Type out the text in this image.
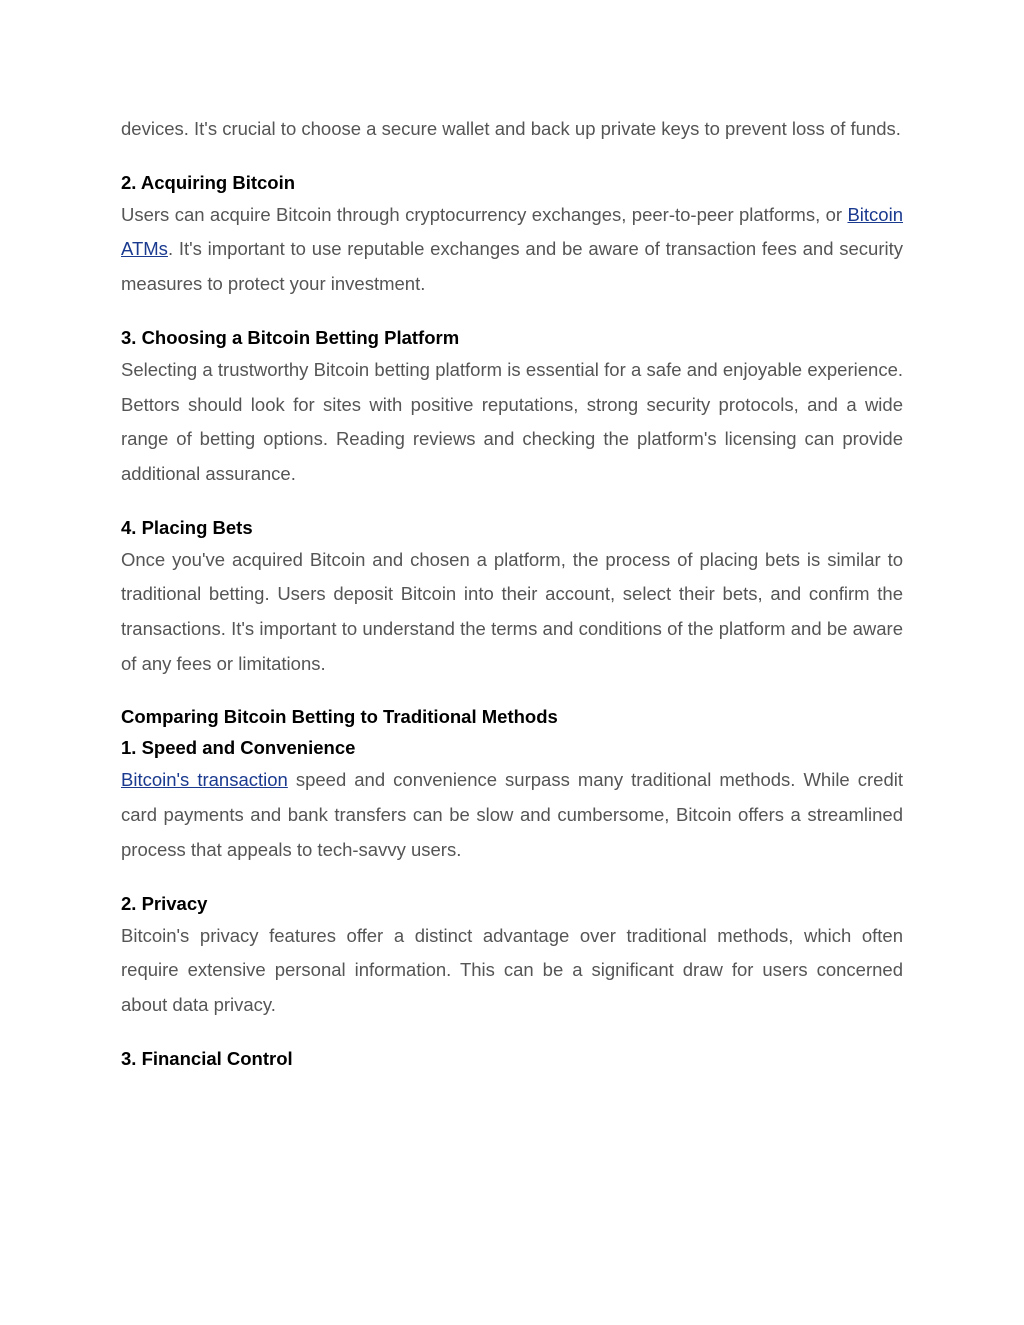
devices. It's crucial to choose a secure wallet and back up private keys to prevent loss of funds.

2. Acquiring Bitcoin

Users can acquire Bitcoin through cryptocurrency exchanges, peer-to-peer platforms, or Bitcoin ATMs. It's important to use reputable exchanges and be aware of transaction fees and security measures to protect your investment.

3. Choosing a Bitcoin Betting Platform

Selecting a trustworthy Bitcoin betting platform is essential for a safe and enjoyable experience. Bettors should look for sites with positive reputations, strong security protocols, and a wide range of betting options. Reading reviews and checking the platform's licensing can provide additional assurance.

4. Placing Bets

Once you've acquired Bitcoin and chosen a platform, the process of placing bets is similar to traditional betting. Users deposit Bitcoin into their account, select their bets, and confirm the transactions. It's important to understand the terms and conditions of the platform and be aware of any fees or limitations.

Comparing Bitcoin Betting to Traditional Methods
1. Speed and Convenience

Bitcoin's transaction speed and convenience surpass many traditional methods. While credit card payments and bank transfers can be slow and cumbersome, Bitcoin offers a streamlined process that appeals to tech-savvy users.

2. Privacy

Bitcoin's privacy features offer a distinct advantage over traditional methods, which often require extensive personal information. This can be a significant draw for users concerned about data privacy.

3. Financial Control
